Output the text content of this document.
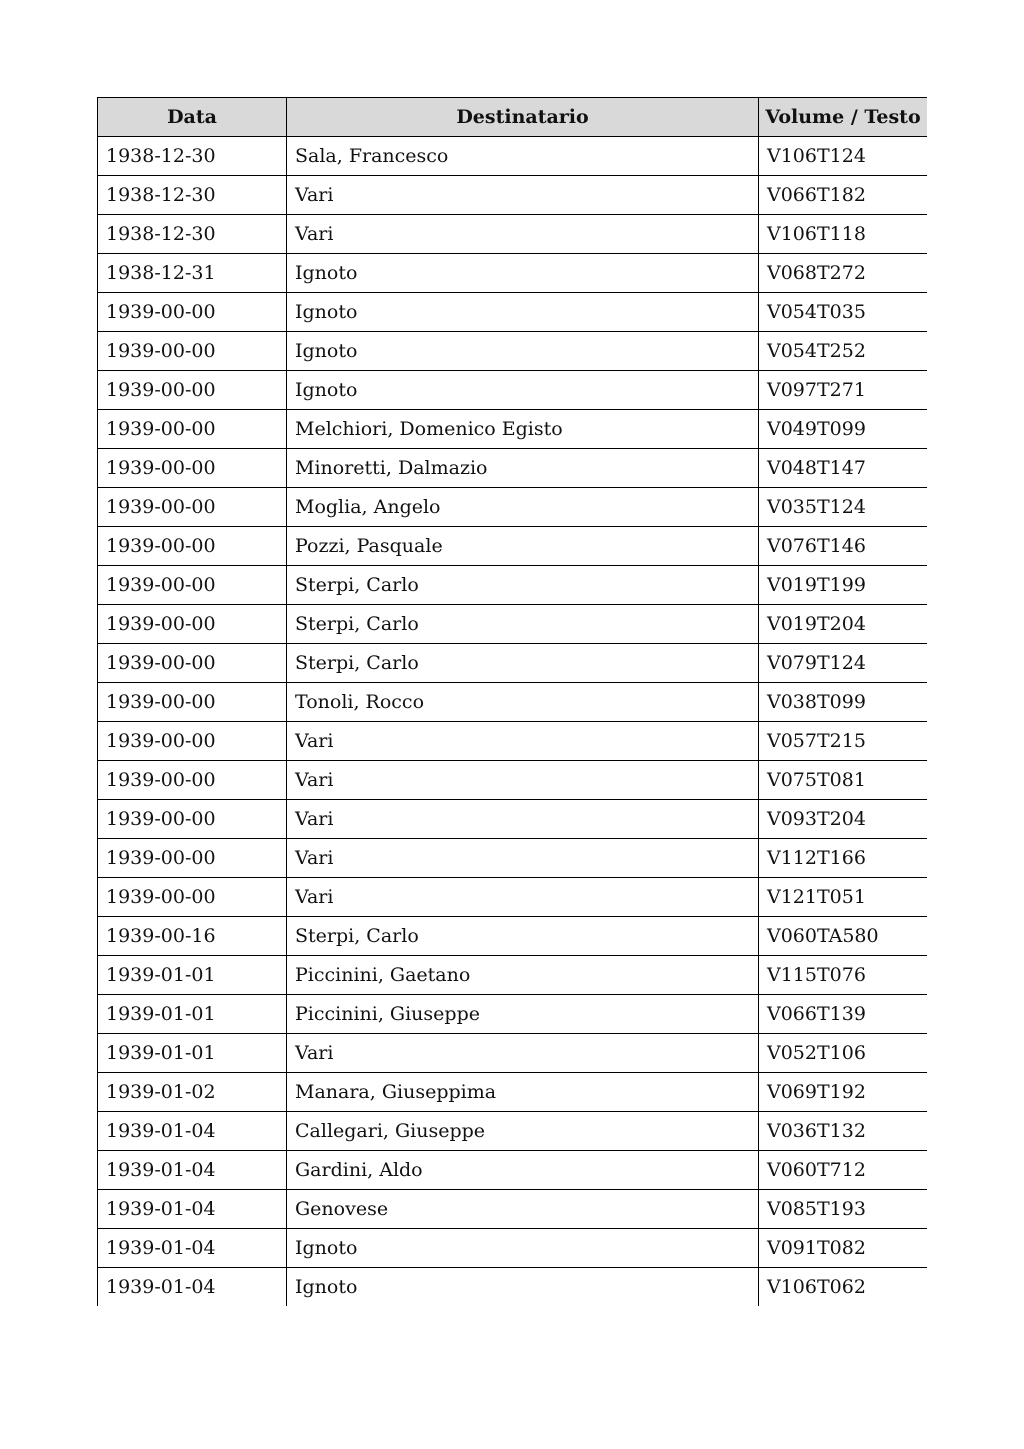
Data	Destinatario	Volume / Testo
1938-12-30	Sala, Francesco	V106T124
1938-12-30	Vari	V066T182
1938-12-30	Vari	V106T118
1938-12-31	Ignoto	V068T272
1939-00-00	Ignoto	V054T035
1939-00-00	Ignoto	V054T252
1939-00-00	Ignoto	V097T271
1939-00-00	Melchiori, Domenico Egisto	V049T099
1939-00-00	Minoretti, Dalmazio	V048T147
1939-00-00	Moglia, Angelo	V035T124
1939-00-00	Pozzi, Pasquale	V076T146
1939-00-00	Sterpi, Carlo	V019T199
1939-00-00	Sterpi, Carlo	V019T204
1939-00-00	Sterpi, Carlo	V079T124
1939-00-00	Tonoli, Rocco	V038T099
1939-00-00	Vari	V057T215
1939-00-00	Vari	V075T081
1939-00-00	Vari	V093T204
1939-00-00	Vari	V112T166
1939-00-00	Vari	V121T051
1939-00-16	Sterpi, Carlo	V060TA580
1939-01-01	Piccinini, Gaetano	V115T076
1939-01-01	Piccinini, Giuseppe	V066T139
1939-01-01	Vari	V052T106
1939-01-02	Manara, Giuseppima	V069T192
1939-01-04	Callegari, Giuseppe	V036T132
1939-01-04	Gardini, Aldo	V060T712
1939-01-04	Genovese	V085T193
1939-01-04	Ignoto	V091T082
1939-01-04	Ignoto	V106T062
